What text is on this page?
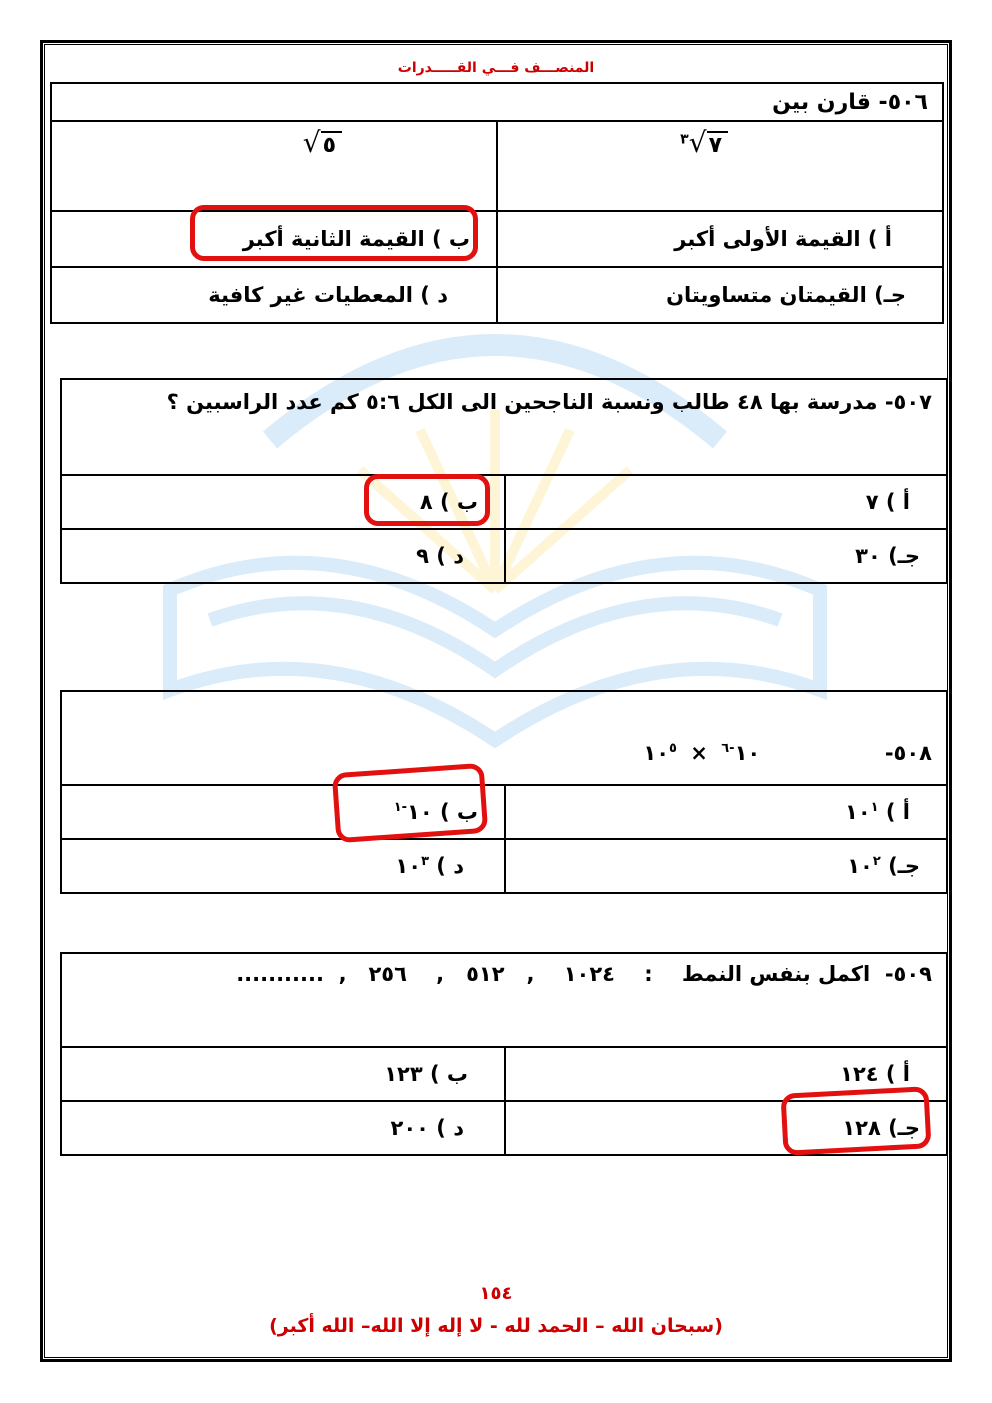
المنصـــف فـــي القـــــدرات
٥٠٦- قارن بين	
$^٣$√٧	√٥
أ ) القيمة الأولى أكبر	ب ) القيمة الثانية أكبر
جـ) القيمتان متساويتان	د ) المعطيات غير كافية
٥٠٧- مدرسة بها ٤٨ طالب ونسبة الناجحين الى الكل ٥:٦ كم عدد الراسبين ؟	
أ ) ٧	ب ) ٨
جـ) ٣٠	د ) ٩
٥٠٨-  $١٠^{-٦}$ × $١٠^٥$
أ ) $١٠^١$	ب ) $١٠^{-١}$
جـ) $١٠^٢$	د ) $١٠^٣$
٥٠٩-  اكمل بنفس النمط    :    ١٠٢٤    ,   ٥١٢   ,    ٢٥٦   ,  ...........	
أ ) ١٢٤	ب ) ١٢٣
جـ) ١٢٨	د ) ٢٠٠
١٥٤
(سبحان الله – الحمد لله - لا إله إلا الله– الله أكبر)
